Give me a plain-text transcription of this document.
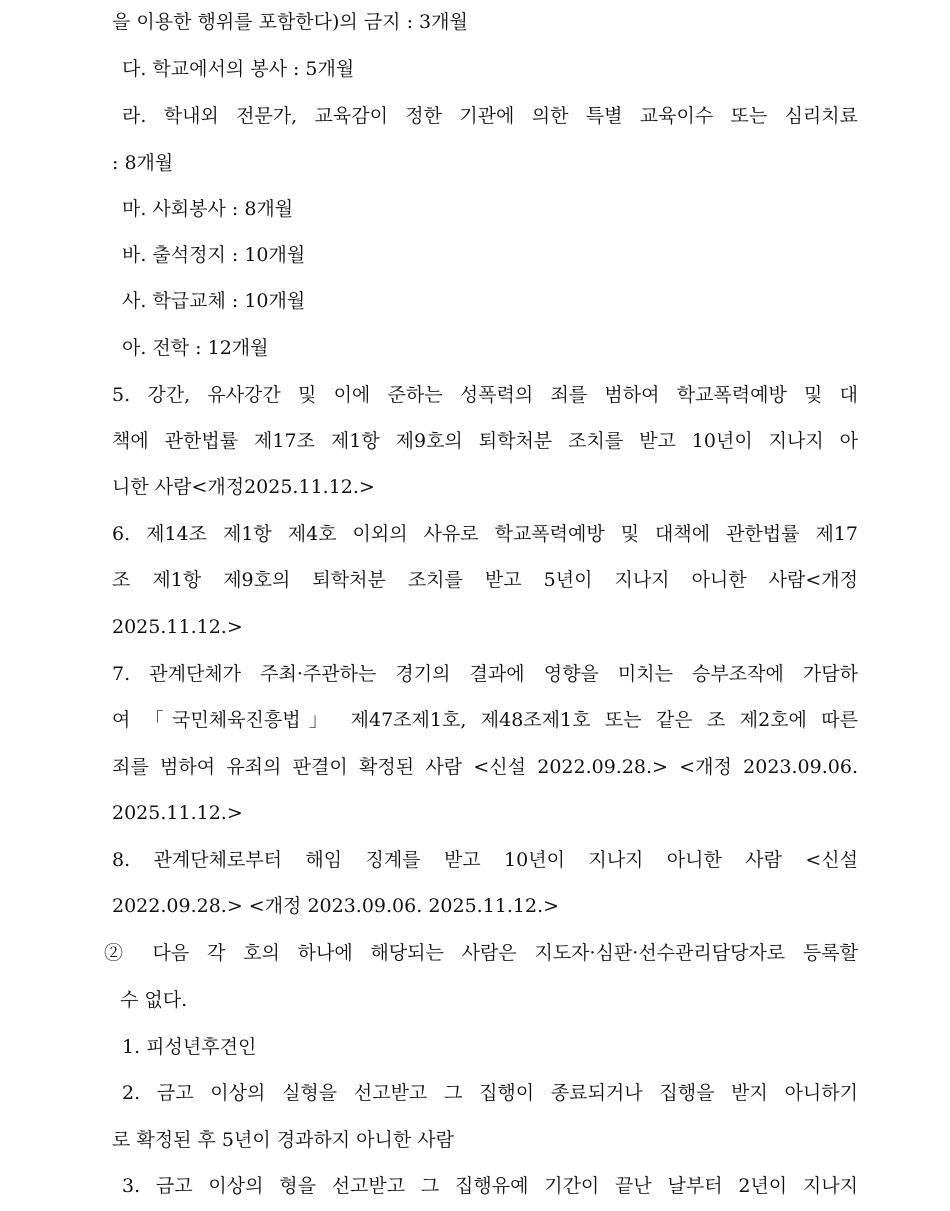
을 이용한 행위를 포함한다)의 금지 : 3개월
다. 학교에서의 봉사 : 5개월
라. 학내외 전문가, 교육감이 정한 기관에 의한 특별 교육이수 또는 심리치료
: 8개월
마. 사회봉사 : 8개월
바. 출석정지 : 10개월
사. 학급교체 : 10개월
아. 전학 : 12개월
5. 강간, 유사강간 및 이에 준하는 성폭력의 죄를 범하여 학교폭력예방 및 대
책에 관한법률 제17조 제1항 제9호의 퇴학처분 조치를 받고 10년이 지나지 아
니한 사람<개정2025.11.12.>
6. 제14조 제1항 제4호 이외의 사유로 학교폭력예방 및 대책에 관한법률 제17
조 제1항 제9호의 퇴학처분 조치를 받고 5년이 지나지 아니한 사람<개정
2025.11.12.>
7. 관계단체가 주최·주관하는 경기의 결과에 영향을 미치는 승부조작에 가담하
여 「국민체육진흥법」 제47조제1호, 제48조제1호 또는 같은 조 제2호에 따른
죄를 범하여 유죄의 판결이 확정된 사람 <신설 2022.09.28.> <개정 2023.09.06.
2025.11.12.>
8. 관계단체로부터 해임 징계를 받고 10년이 지나지 아니한 사람 <신설
2022.09.28.> <개정 2023.09.06. 2025.11.12.>
② 다음 각 호의 하나에 해당되는 사람은 지도자·심판·선수관리담당자로 등록할
수 없다.
1. 피성년후견인
2. 금고 이상의 실형을 선고받고 그 집행이 종료되거나 집행을 받지 아니하기
로 확정된 후 5년이 경과하지 아니한 사람
3. 금고 이상의 형을 선고받고 그 집행유예 기간이 끝난 날부터 2년이 지나지
